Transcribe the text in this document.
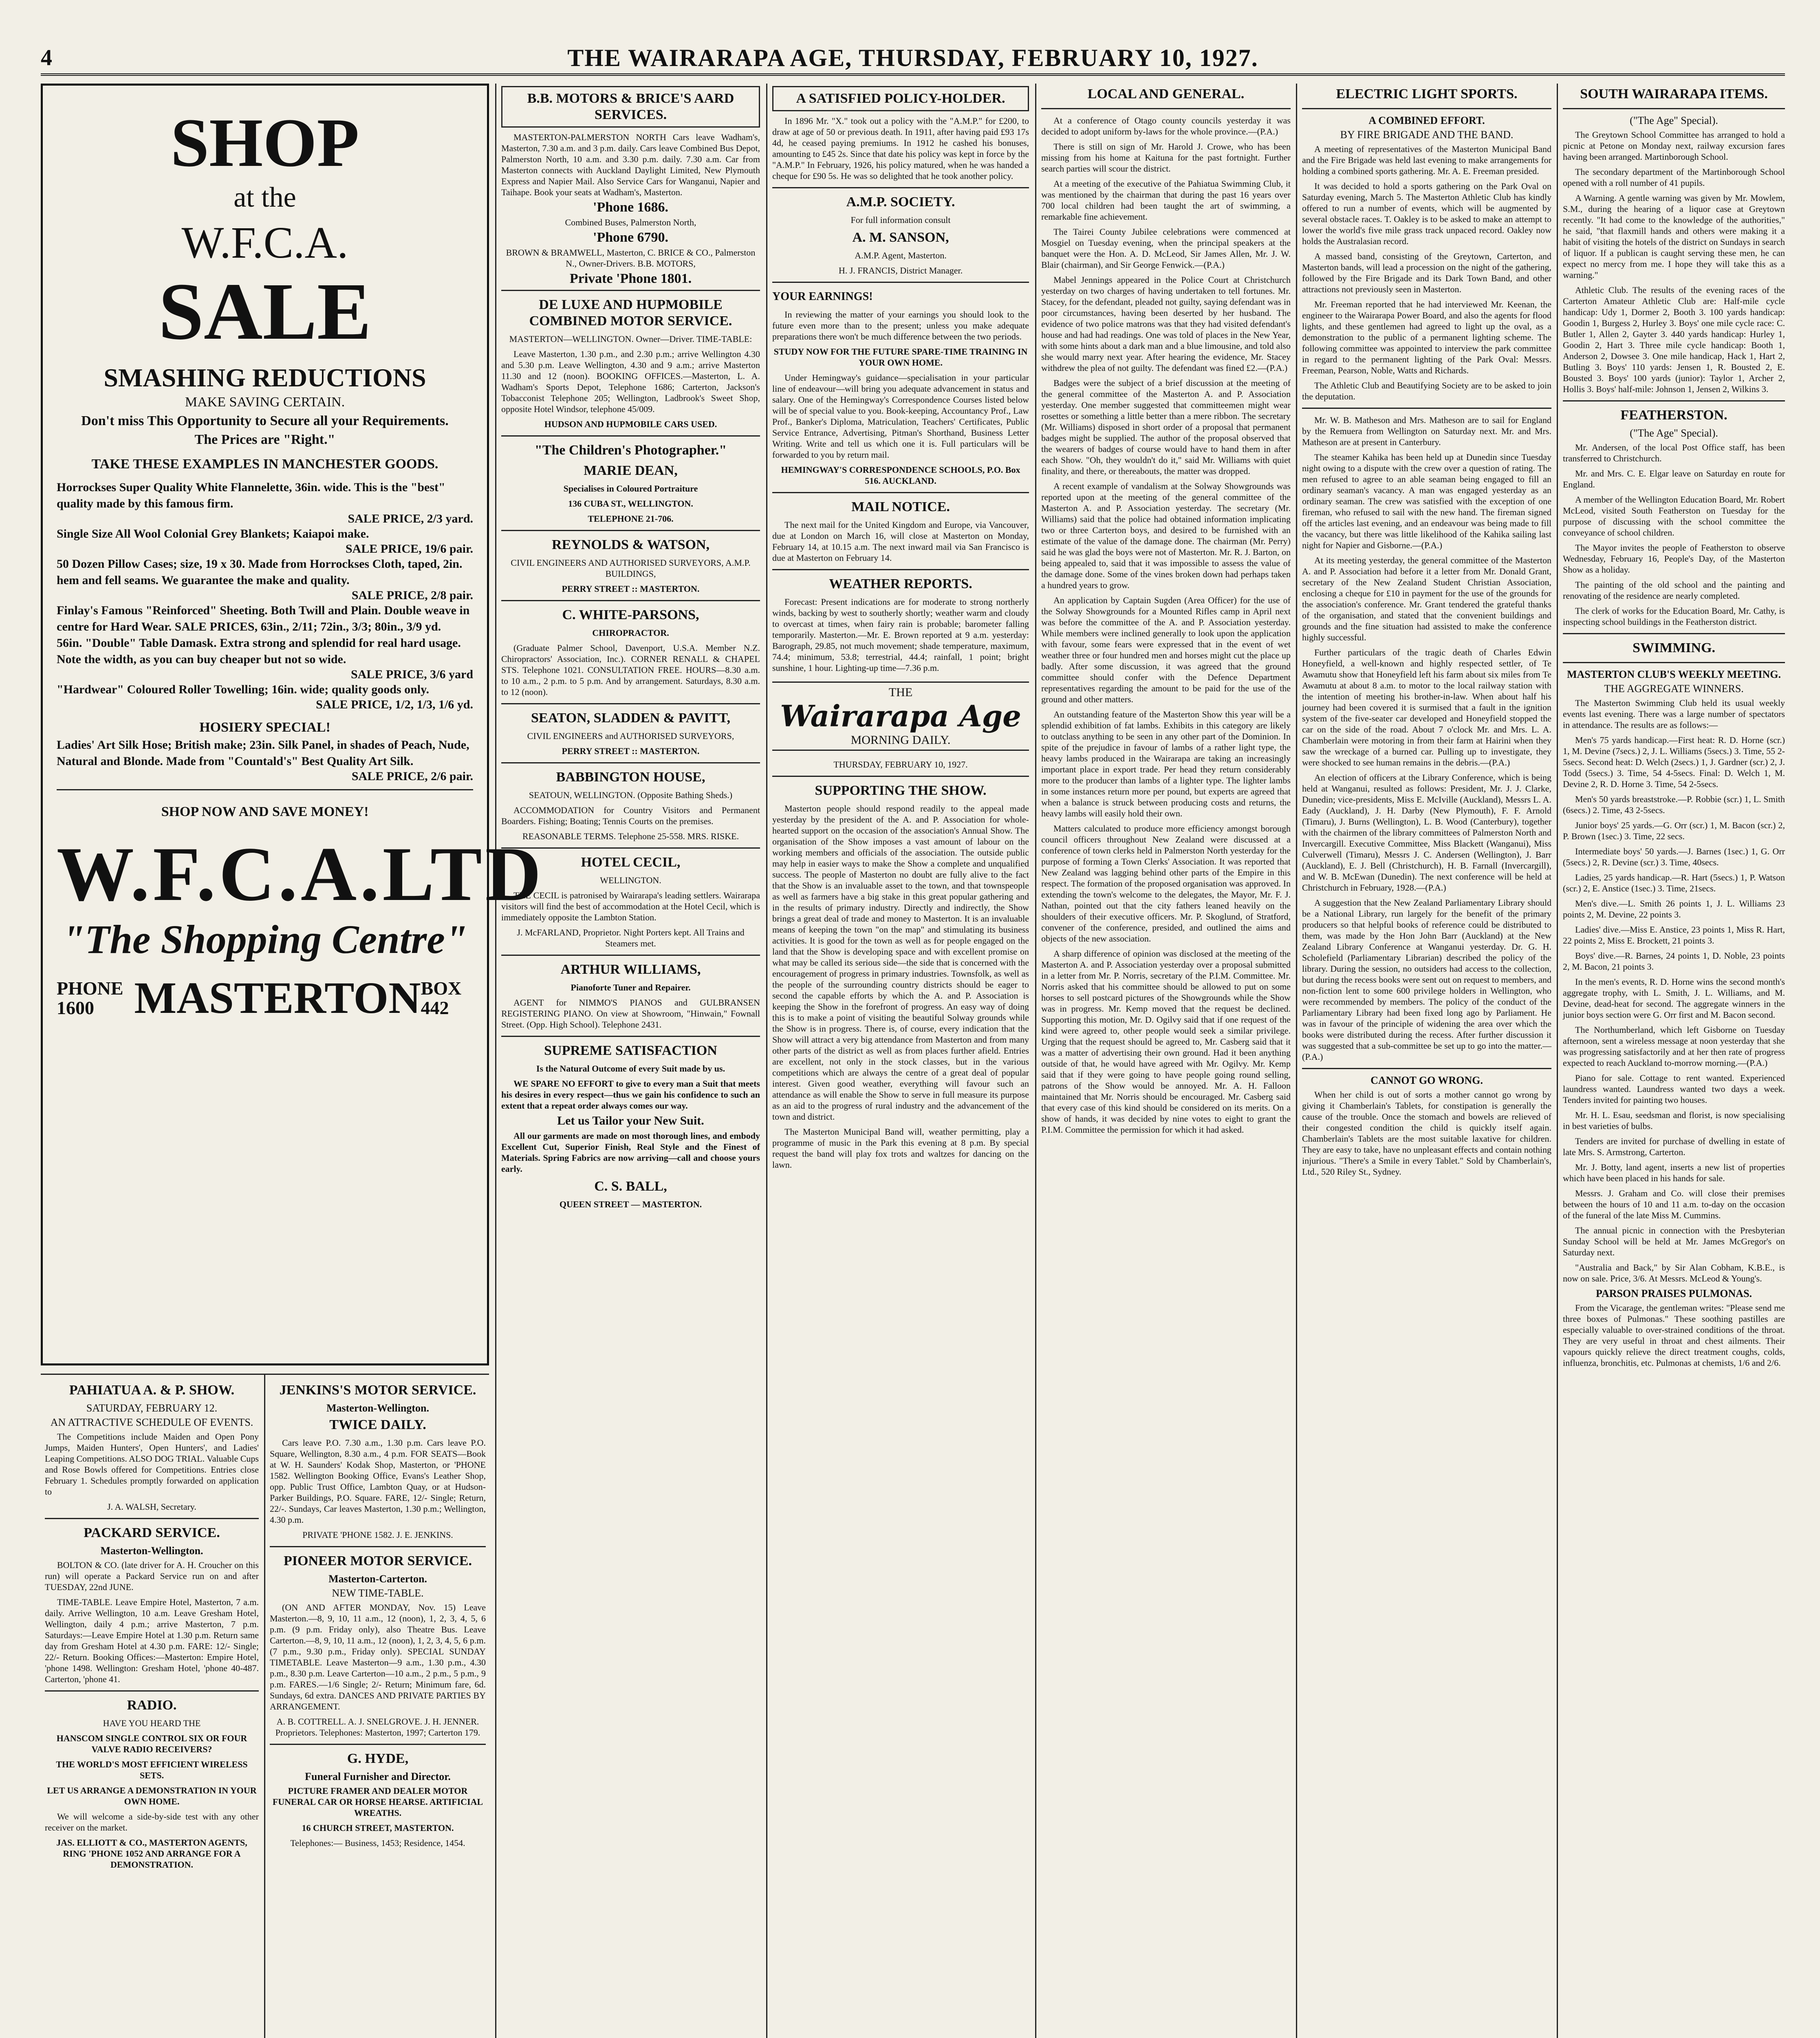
4	THE WAIRARAPA AGE, THURSDAY, FEBRUARY 10, 1927.
SHOP
at the
W.F.C.A.
SALE
SMASHING REDUCTIONS
MAKE SAVING CERTAIN.
Don't miss This Opportunity to Secure all your Requirements.
The Prices are "Right."
TAKE THESE EXAMPLES IN MANCHESTER GOODS.
Horrockses Super Quality White Flannelette, 36in. wide. This is the "best" quality made by this famous firm.
SALE PRICE, 2/3 yard.
Single Size All Wool Colonial Grey Blankets; Kaiapoi make.
SALE PRICE, 19/6 pair.
50 Dozen Pillow Cases; size, 19 x 30. Made from Horrockses Cloth, taped, 2in. hem and fell seams. We guarantee the make and quality.
SALE PRICE, 2/8 pair.
Finlay's Famous "Reinforced" Sheeting. Both Twill and Plain. Double weave in centre for Hard Wear. SALE PRICES, 63in., 2/11; 72in., 3/3; 80in., 3/9 yd.
56in. "Double" Table Damask. Extra strong and splendid for real hard usage. Note the width, as you can buy cheaper but not so wide.
SALE PRICE, 3/6 yard
"Hardwear" Coloured Roller Towelling; 16in. wide; quality goods only.
SALE PRICE, 1/2, 1/3, 1/6 yd.
HOSIERY SPECIAL!
Ladies' Art Silk Hose; British make; 23in. Silk Panel, in shades of Peach, Nude, Natural and Blonde. Made from "Countald's" Best Quality Art Silk.
SALE PRICE, 2/6 pair.
SHOP NOW AND SAVE MONEY!
W.F.C.A.LTD
"The Shopping Centre"
PHONE 1600 MASTERTON BOX 442
PAHIATUA A. & P. SHOW.
SATURDAY, FEBRUARY 12.
AN ATTRACTIVE SCHEDULE OF EVENTS.

The Competitions include Maiden and Open Pony Jumps, Maiden Hunters', Open Hunters', and Ladies' Leaping Competitions. ALSO DOG TRIAL. Valuable Cups and Rose Bowls offered for Competitions. Entries close February 1. Schedules promptly forwarded on application to

J. A. WALSH, Secretary.

PACKARD SERVICE.
Masterton-Wellington.

BOLTON & CO. (late driver for A. H. Croucher on this run) will operate a Packard Service run on and after TUESDAY, 22nd JUNE.

TIME-TABLE. Leave Empire Hotel, Masterton, 7 a.m. daily. Arrive Wellington, 10 a.m. Leave Gresham Hotel, Wellington, daily 4 p.m.; arrive Masterton, 7 p.m. Saturdays:—Leave Empire Hotel at 1.30 p.m. Return same day from Gresham Hotel at 4.30 p.m. FARE: 12/- Single; 22/- Return. Booking Offices:—Masterton: Empire Hotel, 'phone 1498. Wellington: Gresham Hotel, 'phone 40-487. Carterton, 'phone 41.

RADIO.

HAVE YOU HEARD THE

HANSCOM SINGLE CONTROL SIX OR FOUR VALVE RADIO RECEIVERS?

THE WORLD'S MOST EFFICIENT WIRELESS SETS.

LET US ARRANGE A DEMONSTRATION IN YOUR OWN HOME.

We will welcome a side-by-side test with any other receiver on the market.

JAS. ELLIOTT & CO., MASTERTON AGENTS, RING 'PHONE 1052 AND ARRANGE FOR A DEMONSTRATION.

JENKINS'S MOTOR SERVICE.
Masterton-Wellington.
TWICE DAILY.

Cars leave P.O. 7.30 a.m., 1.30 p.m. Cars leave P.O. Square, Wellington, 8.30 a.m., 4 p.m. FOR SEATS—Book at W. H. Saunders' Kodak Shop, Masterton, or 'PHONE 1582. Wellington Booking Office, Evans's Leather Shop, opp. Public Trust Office, Lambton Quay, or at Hudson-Parker Buildings, P.O. Square. FARE, 12/- Single; Return, 22/-. Sundays, Car leaves Masterton, 1.30 p.m.; Wellington, 4.30 p.m.

PRIVATE 'PHONE 1582. J. E. JENKINS.

PIONEER MOTOR SERVICE.
Masterton-Carterton.
NEW TIME-TABLE.

(ON AND AFTER MONDAY, Nov. 15) Leave Masterton.—8, 9, 10, 11 a.m., 12 (noon), 1, 2, 3, 4, 5, 6 p.m. (9 p.m. Friday only), also Theatre Bus. Leave Carterton.—8, 9, 10, 11 a.m., 12 (noon), 1, 2, 3, 4, 5, 6 p.m. (7 p.m., 9.30 p.m., Friday only). SPECIAL SUNDAY TIMETABLE. Leave Masterton—9 a.m., 1.30 p.m., 4.30 p.m., 8.30 p.m. Leave Carterton—10 a.m., 2 p.m., 5 p.m., 9 p.m. FARES.—1/6 Single; 2/- Return; Minimum fare, 6d. Sundays, 6d extra. DANCES AND PRIVATE PARTIES BY ARRANGEMENT.

A. B. COTTRELL. A. J. SNELGROVE. J. H. JENNER. Proprietors. Telephones: Masterton, 1997; Carterton 179.

G. HYDE,
Funeral Furnisher and Director.

PICTURE FRAMER AND DEALER MOTOR FUNERAL CAR OR HORSE HEARSE. ARTIFICIAL WREATHS.

16 CHURCH STREET, MASTERTON.

Telephones:— Business, 1453; Residence, 1454.

B.B. MOTORS & BRICE'S AARD SERVICES.

MASTERTON-PALMERSTON NORTH Cars leave Wadham's, Masterton, 7.30 a.m. and 3 p.m. daily. Cars leave Combined Bus Depot, Palmerston North, 10 a.m. and 3.30 p.m. daily. 7.30 a.m. Car from Masterton connects with Auckland Daylight Limited, New Plymouth Express and Napier Mail. Also Service Cars for Wanganui, Napier and Taihape. Book your seats at Wadham's, Masterton.

'Phone 1686.

Combined Buses, Palmerston North,

'Phone 6790.

BROWN & BRAMWELL, Masterton, C. BRICE & CO., Palmerston N., Owner-Drivers. B.B. MOTORS,

Private 'Phone 1801.

DE LUXE AND HUPMOBILE COMBINED MOTOR SERVICE.

MASTERTON—WELLINGTON. Owner—Driver. TIME-TABLE:

Leave Masterton, 1.30 p.m., and 2.30 p.m.; arrive Wellington 4.30 and 5.30 p.m. Leave Wellington, 4.30 and 9 a.m.; arrive Masterton 11.30 and 12 (noon). BOOKING OFFICES.—Masterton, L. A. Wadham's Sports Depot, Telephone 1686; Carterton, Jackson's Tobacconist Telephone 205; Wellington, Ladbrook's Sweet Shop, opposite Hotel Windsor, telephone 45/009.

HUDSON AND HUPMOBILE CARS USED.

"The Children's Photographer."
MARIE DEAN,

Specialises in Coloured Portraiture

136 CUBA ST., WELLINGTON.

TELEPHONE 21-706.

REYNOLDS & WATSON,

CIVIL ENGINEERS AND AUTHORISED SURVEYORS, A.M.P. BUILDINGS,

PERRY STREET :: MASTERTON.

C. WHITE-PARSONS,

CHIROPRACTOR.

(Graduate Palmer School, Davenport, U.S.A. Member N.Z. Chiropractors' Association, Inc.). CORNER RENALL & CHAPEL STS. Telephone 1021. CONSULTATION FREE. HOURS—8.30 a.m. to 10 a.m., 2 p.m. to 5 p.m. And by arrangement. Saturdays, 8.30 a.m. to 12 (noon).

SEATON, SLADDEN & PAVITT,

CIVIL ENGINEERS and AUTHORISED SURVEYORS,

PERRY STREET :: MASTERTON.

BABBINGTON HOUSE,

SEATOUN, WELLINGTON. (Opposite Bathing Sheds.)

ACCOMMODATION for Country Visitors and Permanent Boarders. Fishing; Boating; Tennis Courts on the premises.

REASONABLE TERMS. Telephone 25-558. MRS. RISKE.

HOTEL CECIL,

WELLINGTON.

THE CECIL is patronised by Wairarapa's leading settlers. Wairarapa visitors will find the best of accommodation at the Hotel Cecil, which is immediately opposite the Lambton Station.

J. McFARLAND, Proprietor. Night Porters kept. All Trains and Steamers met.

ARTHUR WILLIAMS,

Pianoforte Tuner and Repairer.

AGENT for NIMMO'S PIANOS and GULBRANSEN REGISTERING PIANO. On view at Showroom, "Hinwain," Fownall Street. (Opp. High School). Telephone 2431.

SUPREME SATISFACTION

Is the Natural Outcome of every Suit made by us.

WE SPARE NO EFFORT to give to every man a Suit that meets his desires in every respect—thus we gain his confidence to such an extent that a repeat order always comes our way.

Let us Tailor your New Suit.

All our garments are made on most thorough lines, and embody Excellent Cut, Superior Finish, Real Style and the Finest of Materials. Spring Fabrics are now arriving—call and choose yours early.

C. S. BALL,

QUEEN STREET — MASTERTON.

A SATISFIED POLICY-HOLDER.

In 1896 Mr. "X." took out a policy with the "A.M.P." for £200, to draw at age of 50 or previous death. In 1911, after having paid £93 17s 4d, he ceased paying premiums. In 1912 he cashed his bonuses, amounting to £45 2s. Since that date his policy was kept in force by the "A.M.P." In February, 1926, his policy matured, when he was handed a cheque for £90 5s. He was so delighted that he took another policy.

A.M.P. SOCIETY.

For full information consult

A. M. SANSON,

A.M.P. Agent, Masterton.

H. J. FRANCIS, District Manager.

YOUR EARNINGS!

In reviewing the matter of your earnings you should look to the future even more than to the present; unless you make adequate preparations there won't be much difference between the two periods.

STUDY NOW FOR THE FUTURE SPARE-TIME TRAINING IN YOUR OWN HOME.

Under Hemingway's guidance—specialisation in your particular line of endeavour—will bring you adequate advancement in status and salary. One of the Hemingway's Correspondence Courses listed below will be of special value to you. Book-keeping, Accountancy Prof., Law Prof., Banker's Diploma, Matriculation, Teachers' Certificates, Public Service Entrance, Advertising, Pitman's Shorthand, Business Letter Writing. Write and tell us which one it is. Full particulars will be forwarded to you by return mail.

HEMINGWAY'S CORRESPONDENCE SCHOOLS, P.O. Box 516. AUCKLAND.

MAIL NOTICE.

The next mail for the United Kingdom and Europe, via Vancouver, due at London on March 16, will close at Masterton on Monday, February 14, at 10.15 a.m. The next inward mail via San Francisco is due at Masterton on February 14.

WEATHER REPORTS.

Forecast: Present indications are for moderate to strong northerly winds, backing by west to southerly shortly; weather warm and cloudy to overcast at times, when fairy rain is probable; barometer falling temporarily. Masterton.—Mr. E. Brown reported at 9 a.m. yesterday: Barograph, 29.85, not much movement; shade temperature, maximum, 74.4; minimum, 53.8; terrestrial, 44.4; rainfall, 1 point; bright sunshine, 1 hour. Lighting-up time—7.36 p.m.

THE
Wairarapa Age
MORNING DAILY.

THURSDAY, FEBRUARY 10, 1927.

SUPPORTING THE SHOW.

Masterton people should respond readily to the appeal made yesterday by the president of the A. and P. Association for whole-hearted support on the occasion of the association's Annual Show. The organisation of the Show imposes a vast amount of labour on the working members and officials of the association. The outside public may help in easier ways to make the Show a complete and unqualified success. The people of Masterton no doubt are fully alive to the fact that the Show is an invaluable asset to the town, and that townspeople as well as farmers have a big stake in this great popular gathering and in the results of primary industry. Directly and indirectly, the Show brings a great deal of trade and money to Masterton. It is an invaluable means of keeping the town "on the map" and stimulating its business activities. It is good for the town as well as for people engaged on the land that the Show is developing space and with excellent promise on what may be called its serious side—the side that is concerned with the encouragement of progress in primary industries. Townsfolk, as well as the people of the surrounding country districts should be eager to second the capable efforts by which the A. and P. Association is keeping the Show in the forefront of progress. An easy way of doing this is to make a point of visiting the beautiful Solway grounds while the Show is in progress. There is, of course, every indication that the Show will attract a very big attendance from Masterton and from many other parts of the district as well as from places further afield. Entries are excellent, not only in the stock classes, but in the various competitions which are always the centre of a great deal of popular interest. Given good weather, everything will favour such an attendance as will enable the Show to serve in full measure its purpose as an aid to the progress of rural industry and the advancement of the town and district.

The Masterton Municipal Band will, weather permitting, play a programme of music in the Park this evening at 8 p.m. By special request the band will play fox trots and waltzes for dancing on the lawn.

LOCAL AND GENERAL.

At a conference of Otago county councils yesterday it was decided to adopt uniform by-laws for the whole province.—(P.A.)

There is still on sign of Mr. Harold J. Crowe, who has been missing from his home at Kaituna for the past fortnight. Further search parties will scour the district.

At a meeting of the executive of the Pahiatua Swimming Club, it was mentioned by the chairman that during the past 16 years over 700 local children had been taught the art of swimming, a remarkable fine achievement.

The Tairei County Jubilee celebrations were commenced at Mosgiel on Tuesday evening, when the principal speakers at the banquet were the Hon. A. D. McLeod, Sir James Allen, Mr. J. W. Blair (chairman), and Sir George Fenwick.—(P.A.)

Mabel Jennings appeared in the Police Court at Christchurch yesterday on two charges of having undertaken to tell fortunes. Mr. Stacey, for the defendant, pleaded not guilty, saying defendant was in poor circumstances, having been deserted by her husband. The evidence of two police matrons was that they had visited defendant's house and had had readings. One was told of places in the New Year, with some hints about a dark man and a blue limousine, and told also she would marry next year. After hearing the evidence, Mr. Stacey withdrew the plea of not guilty. The defendant was fined £2.—(P.A.)

Badges were the subject of a brief discussion at the meeting of the general committee of the Masterton A. and P. Association yesterday. One member suggested that committeemen might wear rosettes or something a little better than a mere ribbon. The secretary (Mr. Williams) disposed in short order of a proposal that permanent badges might be supplied. The author of the proposal observed that the wearers of badges of course would have to hand them in after each Show. "Oh, they wouldn't do it," said Mr. Williams with quiet finality, and there, or thereabouts, the matter was dropped.

A recent example of vandalism at the Solway Showgrounds was reported upon at the meeting of the general committee of the Masterton A. and P. Association yesterday. The secretary (Mr. Williams) said that the police had obtained information implicating two or three Carterton boys, and desired to be furnished with an estimate of the value of the damage done. The chairman (Mr. Perry) said he was glad the boys were not of Masterton. Mr. R. J. Barton, on being appealed to, said that it was impossible to assess the value of the damage done. Some of the vines broken down had perhaps taken a hundred years to grow.

An application by Captain Sugden (Area Officer) for the use of the Solway Showgrounds for a Mounted Rifles camp in April next was before the committee of the A. and P. Association yesterday. While members were inclined generally to look upon the application with favour, some fears were expressed that in the event of wet weather three or four hundred men and horses might cut the place up badly. After some discussion, it was agreed that the ground committee should confer with the Defence Department representatives regarding the amount to be paid for the use of the ground and other matters.

An outstanding feature of the Masterton Show this year will be a splendid exhibition of fat lambs. Exhibits in this category are likely to outclass anything to be seen in any other part of the Dominion. In spite of the prejudice in favour of lambs of a rather light type, the heavy lambs produced in the Wairarapa are taking an increasingly important place in export trade. Per head they return considerably more to the producer than lambs of a lighter type. The lighter lambs in some instances return more per pound, but experts are agreed that when a balance is struck between producing costs and returns, the heavy lambs will easily hold their own.

Matters calculated to produce more efficiency amongst borough council officers throughout New Zealand were discussed at a conference of town clerks held in Palmerston North yesterday for the purpose of forming a Town Clerks' Association. It was reported that New Zealand was lagging behind other parts of the Empire in this respect. The formation of the proposed organisation was approved. In extending the town's welcome to the delegates, the Mayor, Mr. F. J. Nathan, pointed out that the city fathers leaned heavily on the shoulders of their executive officers. Mr. P. Skoglund, of Stratford, convener of the conference, presided, and outlined the aims and objects of the new association.

A sharp difference of opinion was disclosed at the meeting of the Masterton A. and P. Association yesterday over a proposal submitted in a letter from Mr. P. Norris, secretary of the P.I.M. Committee. Mr. Norris asked that his committee should be allowed to put on some horses to sell postcard pictures of the Showgrounds while the Show was in progress. Mr. Kemp moved that the request be declined. Supporting this motion, Mr. D. Ogilvy said that if one request of the kind were agreed to, other people would seek a similar privilege. Urging that the request should be agreed to, Mr. Casberg said that it was a matter of advertising their own ground. Had it been anything outside of that, he would have agreed with Mr. Ogilvy. Mr. Kemp said that if they were going to have people going round selling, patrons of the Show would be annoyed. Mr. A. H. Falloon maintained that Mr. Norris should be encouraged. Mr. Casberg said that every case of this kind should be considered on its merits. On a show of hands, it was decided by nine votes to eight to grant the P.I.M. Committee the permission for which it had asked.

ELECTRIC LIGHT SPORTS.
A COMBINED EFFORT.
BY FIRE BRIGADE AND THE BAND.

A meeting of representatives of the Masterton Municipal Band and the Fire Brigade was held last evening to make arrangements for holding a combined sports gathering. Mr. A. E. Freeman presided.

It was decided to hold a sports gathering on the Park Oval on Saturday evening, March 5. The Masterton Athletic Club has kindly offered to run a number of events, which will be augmented by several obstacle races. T. Oakley is to be asked to make an attempt to lower the world's five mile grass track unpaced record. Oakley now holds the Australasian record.

A massed band, consisting of the Greytown, Carterton, and Masterton bands, will lead a procession on the night of the gathering, followed by the Fire Brigade and its Dark Town Band, and other attractions not previously seen in Masterton.

Mr. Freeman reported that he had interviewed Mr. Keenan, the engineer to the Wairarapa Power Board, and also the agents for flood lights, and these gentlemen had agreed to light up the oval, as a demonstration to the public of a permanent lighting scheme. The following committee was appointed to interview the park committee in regard to the permanent lighting of the Park Oval: Messrs. Freeman, Pearson, Noble, Watts and Richards.

The Athletic Club and Beautifying Society are to be asked to join the deputation.

Mr. W. B. Matheson and Mrs. Matheson are to sail for England by the Remuera from Wellington on Saturday next. Mr. and Mrs. Matheson are at present in Canterbury.

The steamer Kahika has been held up at Dunedin since Tuesday night owing to a dispute with the crew over a question of rating. The men refused to agree to an able seaman being engaged to fill an ordinary seaman's vacancy. A man was engaged yesterday as an ordinary seaman. The crew was satisfied with the exception of one fireman, who refused to sail with the new hand. The fireman signed off the articles last evening, and an endeavour was being made to fill the vacancy, but there was little likelihood of the Kahika sailing last night for Napier and Gisborne.—(P.A.)

At its meeting yesterday, the general committee of the Masterton A. and P. Association had before it a letter from Mr. Donald Grant, secretary of the New Zealand Student Christian Association, enclosing a cheque for £10 in payment for the use of the grounds for the association's conference. Mr. Grant tendered the grateful thanks of the organisation, and stated that the convenient buildings and grounds and the fine situation had assisted to make the conference highly successful.

Further particulars of the tragic death of Charles Edwin Honeyfield, a well-known and highly respected settler, of Te Awamutu show that Honeyfield left his farm about six miles from Te Awamutu at about 8 a.m. to motor to the local railway station with the intention of meeting his brother-in-law. When about half his journey had been covered it is surmised that a fault in the ignition system of the five-seater car developed and Honeyfield stopped the car on the side of the road. About 7 o'clock Mr. and Mrs. L. A. Chamberlain were motoring in from their farm at Hairini when they saw the wreckage of a burned car. Pulling up to investigate, they were shocked to see human remains in the debris.—(P.A.)

An election of officers at the Library Conference, which is being held at Wanganui, resulted as follows: President, Mr. J. J. Clarke, Dunedin; vice-presidents, Miss E. McIville (Auckland), Messrs L. A. Eady (Auckland), J. H. Darby (New Plymouth), F. F. Arnold (Timaru), J. Burns (Wellington), L. B. Wood (Canterbury), together with the chairmen of the library committees of Palmerston North and Invercargill. Executive Committee, Miss Blackett (Wanganui), Miss Culverwell (Timaru), Messrs J. C. Andersen (Wellington), J. Barr (Auckland), E. J. Bell (Christchurch), H. B. Farnall (Invercargill), and W. B. McEwan (Dunedin). The next conference will be held at Christchurch in February, 1928.—(P.A.)

A suggestion that the New Zealand Parliamentary Library should be a National Library, run largely for the benefit of the primary producers so that helpful books of reference could be distributed to them, was made by the Hon John Barr (Auckland) at the New Zealand Library Conference at Wanganui yesterday. Dr. G. H. Scholefield (Parliamentary Librarian) described the policy of the library. During the session, no outsiders had access to the collection, but during the recess books were sent out on request to members, and non-fiction lent to some 600 privilege holders in Wellington, who were recommended by members. The policy of the conduct of the Parliamentary Library had been fixed long ago by Parliament. He was in favour of the principle of widening the area over which the books were distributed during the recess. After further discussion it was suggested that a sub-committee be set up to go into the matter.—(P.A.)

CANNOT GO WRONG.

When her child is out of sorts a mother cannot go wrong by giving it Chamberlain's Tablets, for constipation is generally the cause of the trouble. Once the stomach and bowels are relieved of their congested condition the child is quickly itself again. Chamberlain's Tablets are the most suitable laxative for children. They are easy to take, have no unpleasant effects and contain nothing injurious. "There's a Smile in every Tablet." Sold by Chamberlain's, Ltd., 520 Riley St., Sydney.

SOUTH WAIRARAPA ITEMS.
("The Age" Special).

The Greytown School Committee has arranged to hold a picnic at Petone on Monday next, railway excursion fares having been arranged. Martinborough School.

The secondary department of the Martinborough School opened with a roll number of 41 pupils.

A Warning. A gentle warning was given by Mr. Mowlem, S.M., during the hearing of a liquor case at Greytown recently. "It had come to the knowledge of the authorities," he said, "that flaxmill hands and others were making it a habit of visiting the hotels of the district on Sundays in search of liquor. If a publican is caught serving these men, he can expect no mercy from me. I hope they will take this as a warning."

Athletic Club. The results of the evening races of the Carterton Amateur Athletic Club are: Half-mile cycle handicap: Udy 1, Dormer 2, Booth 3. 100 yards handicap: Goodin 1, Burgess 2, Hurley 3. Boys' one mile cycle race: C. Butler 1, Allen 2, Gayter 3. 440 yards handicap: Hurley 1, Goodin 2, Hart 3. Three mile cycle handicap: Booth 1, Anderson 2, Dowsee 3. One mile handicap, Hack 1, Hart 2, Butling 3. Boys' 110 yards: Jensen 1, R. Bousted 2, E. Bousted 3. Boys' 100 yards (junior): Taylor 1, Archer 2, Hollis 3. Boys' half-mile: Johnson 1, Jensen 2, Wilkins 3.

FEATHERSTON.
("The Age" Special).

Mr. Andersen, of the local Post Office staff, has been transferred to Christchurch.

Mr. and Mrs. C. E. Elgar leave on Saturday en route for England.

A member of the Wellington Education Board, Mr. Robert McLeod, visited South Featherston on Tuesday for the purpose of discussing with the school committee the conveyance of school children.

The Mayor invites the people of Featherston to observe Wednesday, February 16, People's Day, of the Masterton Show as a holiday.

The painting of the old school and the painting and renovating of the residence are nearly completed.

The clerk of works for the Education Board, Mr. Cathy, is inspecting school buildings in the Featherston district.

SWIMMING.
MASTERTON CLUB'S WEEKLY MEETING.
THE AGGREGATE WINNERS.

The Masterton Swimming Club held its usual weekly events last evening. There was a large number of spectators in attendance. The results are as follows:—

Men's 75 yards handicap.—First heat: R. D. Horne (scr.) 1, M. Devine (7secs.) 2, J. L. Williams (5secs.) 3. Time, 55 2-5secs. Second heat: D. Welch (2secs.) 1, J. Gardner (scr.) 2, J. Todd (5secs.) 3. Time, 54 4-5secs. Final: D. Welch 1, M. Devine 2, R. D. Horne 3. Time, 54 2-5secs.

Men's 50 yards breaststroke.—P. Robbie (scr.) 1, L. Smith (6secs.) 2. Time, 43 2-5secs.

Junior boys' 25 yards.—G. Orr (scr.) 1, M. Bacon (scr.) 2, P. Brown (1sec.) 3. Time, 22 secs.

Intermediate boys' 50 yards.—J. Barnes (1sec.) 1, G. Orr (5secs.) 2, R. Devine (scr.) 3. Time, 40secs.

Ladies, 25 yards handicap.—R. Hart (5secs.) 1, P. Watson (scr.) 2, E. Anstice (1sec.) 3. Time, 21secs.

Men's dive.—L. Smith 26 points 1, J. L. Williams 23 points 2, M. Devine, 22 points 3.

Ladies' dive.—Miss E. Anstice, 23 points 1, Miss R. Hart, 22 points 2, Miss E. Brockett, 21 points 3.

Boys' dive.—R. Barnes, 24 points 1, D. Noble, 23 points 2, M. Bacon, 21 points 3.

In the men's events, R. D. Horne wins the second month's aggregate trophy, with L. Smith, J. L. Williams, and M. Devine, dead-heat for second. The aggregate winners in the junior boys section were G. Orr first and M. Bacon second.

The Northumberland, which left Gisborne on Tuesday afternoon, sent a wireless message at noon yesterday that she was progressing satisfactorily and at her then rate of progress expected to reach Auckland to-morrow morning.—(P.A.)

Piano for sale. Cottage to rent wanted. Experienced laundress wanted. Laundress wanted two days a week. Tenders invited for painting two houses.

Mr. H. L. Esau, seedsman and florist, is now specialising in best varieties of bulbs.

Tenders are invited for purchase of dwelling in estate of late Mrs. S. Armstrong, Carterton.

Mr. J. Botty, land agent, inserts a new list of properties which have been placed in his hands for sale.

Messrs. J. Graham and Co. will close their premises between the hours of 10 and 11 a.m. to-day on the occasion of the funeral of the late Miss M. Cummins.

The annual picnic in connection with the Presbyterian Sunday School will be held at Mr. James McGregor's on Saturday next.

"Australia and Back," by Sir Alan Cobham, K.B.E., is now on sale. Price, 3/6. At Messrs. McLeod & Young's.

PARSON PRAISES PULMONAS.

From the Vicarage, the gentleman writes: "Please send me three boxes of Pulmonas." These soothing pastilles are especially valuable to over-strained conditions of the throat. They are very useful in throat and chest ailments. Their vapours quickly relieve the direct treatment coughs, colds, influenza, bronchitis, etc. Pulmonas at chemists, 1/6 and 2/6.
